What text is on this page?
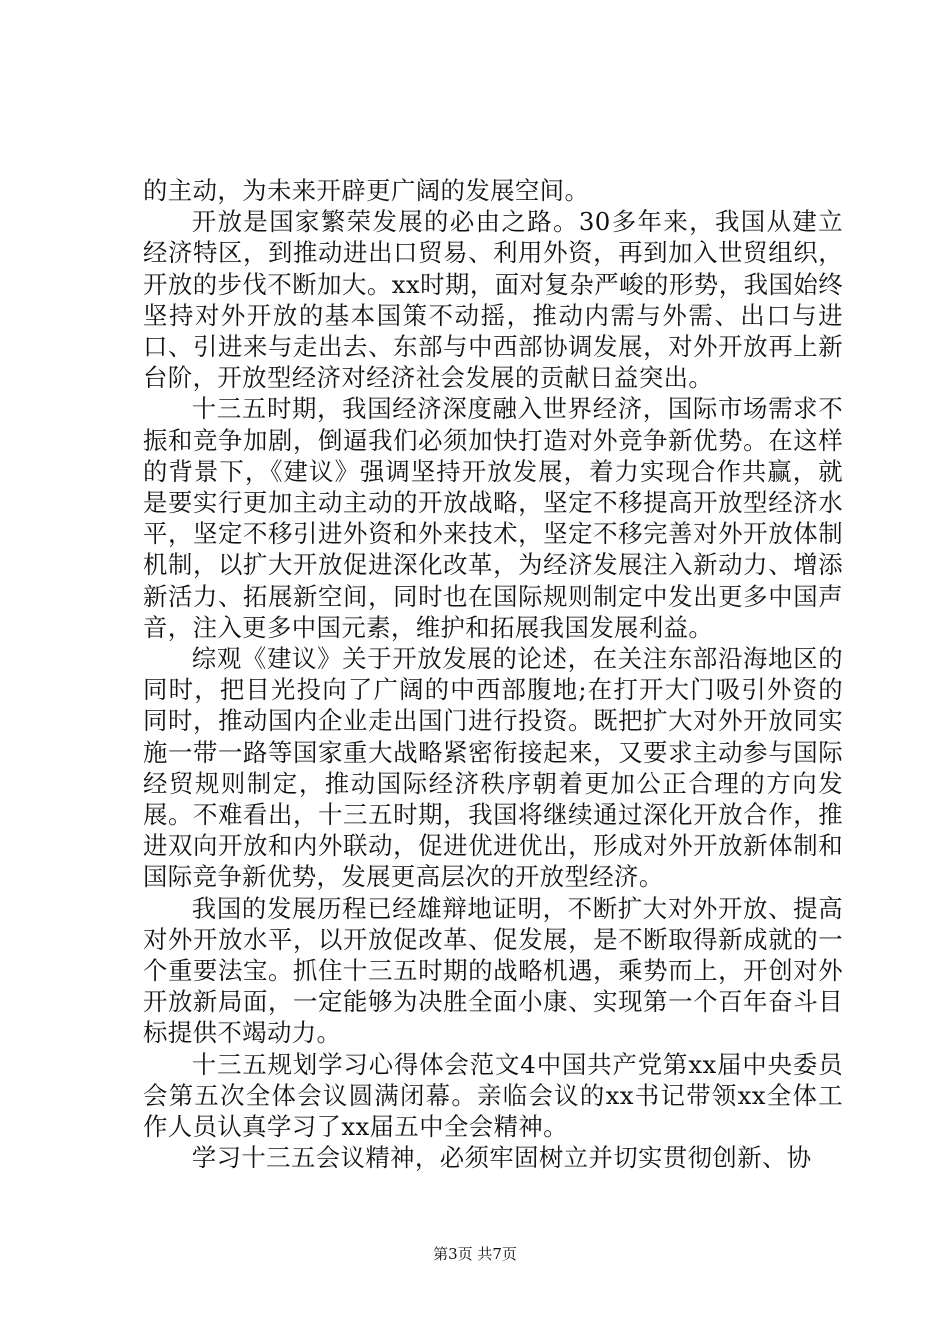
的主动，为未来开辟更广阔的发展空间。

开放是国家繁荣发展的必由之路。30多年来，我国从建立经济特区，到推动进出口贸易、利用外资，再到加入世贸组织，开放的步伐不断加大。xx时期，面对复杂严峻的形势，我国始终坚持对外开放的基本国策不动摇，推动内需与外需、出口与进口、引进来与走出去、东部与中西部协调发展，对外开放再上新台阶，开放型经济对经济社会发展的贡献日益突出。

十三五时期，我国经济深度融入世界经济，国际市场需求不振和竞争加剧，倒逼我们必须加快打造对外竞争新优势。在这样的背景下，《建议》强调坚持开放发展，着力实现合作共赢，就是要实行更加主动主动的开放战略，坚定不移提高开放型经济水平，坚定不移引进外资和外来技术，坚定不移完善对外开放体制机制，以扩大开放促进深化改革，为经济发展注入新动力、增添新活力、拓展新空间，同时也在国际规则制定中发出更多中国声音，注入更多中国元素，维护和拓展我国发展利益。

综观《建议》关于开放发展的论述，在关注东部沿海地区的同时，把目光投向了广阔的中西部腹地;在打开大门吸引外资的同时，推动国内企业走出国门进行投资。既把扩大对外开放同实施一带一路等国家重大战略紧密衔接起来，又要求主动参与国际经贸规则制定，推动国际经济秩序朝着更加公正合理的方向发展。不难看出，十三五时期，我国将继续通过深化开放合作，推进双向开放和内外联动，促进优进优出，形成对外开放新体制和国际竞争新优势，发展更高层次的开放型经济。

我国的发展历程已经雄辩地证明，不断扩大对外开放、提高对外开放水平，以开放促改革、促发展，是不断取得新成就的一个重要法宝。抓住十三五时期的战略机遇，乘势而上，开创对外开放新局面，一定能够为决胜全面小康、实现第一个百年奋斗目标提供不竭动力。

十三五规划学习心得体会范文4中国共产党第xx届中央委员会第五次全体会议圆满闭幕。亲临会议的xx书记带领xx全体工作人员认真学习了xx届五中全会精神。

学习十三五会议精神，必须牢固树立并切实贯彻创新、协

第3页 共7页
